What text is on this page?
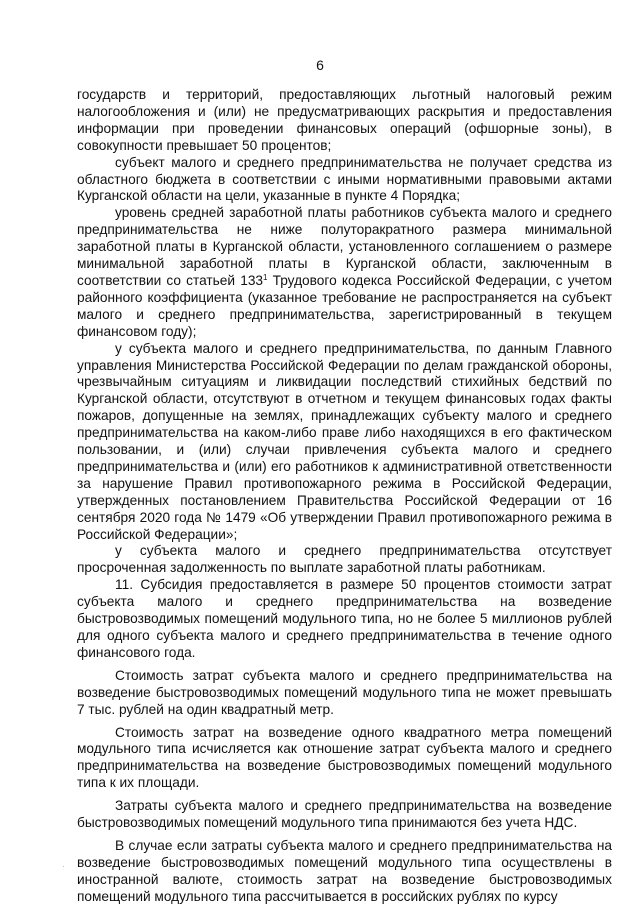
6

государств и территорий, предоставляющих льготный налоговый режим налогообложения и (или) не предусматривающих раскрытия и предоставления информации при проведении финансовых операций (офшорные зоны), в совокупности превышает 50 процентов;

субъект малого и среднего предпринимательства не получает средства из областного бюджета в соответствии с иными нормативными правовыми актами Курганской области на цели, указанные в пункте 4 Порядка;

уровень средней заработной платы работников субъекта малого и среднего предпринимательства не ниже полуторакратного размера минимальной заработной платы в Курганской области, установленного соглашением о размере минимальной заработной платы в Курганской области, заключенным в соответствии со статьей $133^1$ Трудового кодекса Российской Федерации, с учетом районного коэффициента (указанное требование не распространяется на субъект малого и среднего предпринимательства, зарегистрированный в текущем финансовом году);

у субъекта малого и среднего предпринимательства, по данным Главного управления Министерства Российской Федерации по делам гражданской обороны, чрезвычайным ситуациям и ликвидации последствий стихийных бедствий по Курганской области, отсутствуют в отчетном и текущем финансовых годах факты пожаров, допущенные на землях, принадлежащих субъекту малого и среднего предпринимательства на каком-либо праве либо находящихся в его фактическом пользовании, и (или) случаи привлечения субъекта малого и среднего предпринимательства и (или) его работников к административной ответственности за нарушение Правил противопожарного режима в Российской Федерации, утвержденных постановлением Правительства Российской Федерации от 16 сентября 2020 года № 1479 «Об утверждении Правил противопожарного режима в Российской Федерации»;

у субъекта малого и среднего предпринимательства отсутствует просроченная задолженность по выплате заработной платы работникам.

11. Субсидия предоставляется в размере 50 процентов стоимости затрат субъекта малого и среднего предпринимательства на возведение быстровозводимых помещений модульного типа, но не более 5 миллионов рублей для одного субъекта малого и среднего предпринимательства в течение одного финансового года.

Стоимость затрат субъекта малого и среднего предпринимательства на возведение быстровозводимых помещений модульного типа не может превышать 7 тыс. рублей на один квадратный метр.

Стоимость затрат на возведение одного квадратного метра помещений модульного типа исчисляется как отношение затрат субъекта малого и среднего предпринимательства на возведение быстровозводимых помещений модульного типа к их площади.

Затраты субъекта малого и среднего предпринимательства на возведение быстровозводимых помещений модульного типа принимаются без учета НДС.

В случае если затраты субъекта малого и среднего предпринимательства на возведение быстровозводимых помещений модульного типа осуществлены в иностранной валюте, стоимость затрат на возведение быстровозводимых помещений модульного типа рассчитывается в российских рублях по курсу
